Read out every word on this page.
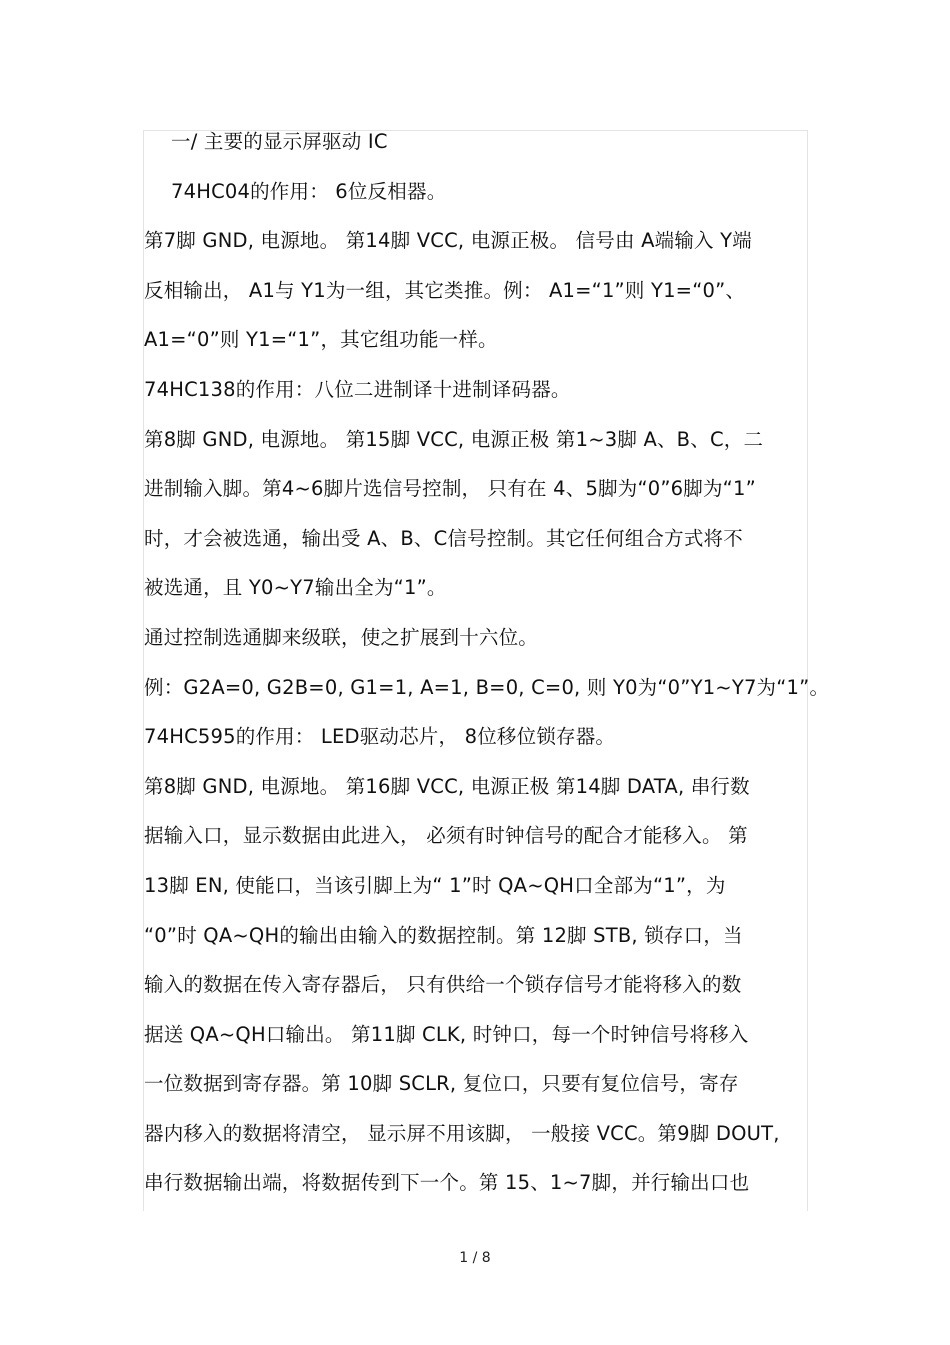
一/ 主要的显示屏驱动 IC
74HC04的作用： 6位反相器。
第7脚 GND, 电源地。 第14脚 VCC, 电源正极。 信号由 A端输入 Y端
反相输出， A1与 Y1为一组，其它类推。例： A1=“1”则 Y1=“0”、
A1=“0”则 Y1=“1”，其它组功能一样。
74HC138的作用：八位二进制译十进制译码器。
第8脚 GND, 电源地。 第15脚 VCC, 电源正极 第1~3脚 A、B、C，二
进制输入脚。第4~6脚片选信号控制， 只有在 4、5脚为“0”6脚为“1”
时，才会被选通，输出受 A、B、C信号控制。其它任何组合方式将不
被选通，且 Y0~Y7输出全为“1”。
通过控制选通脚来级联，使之扩展到十六位。
例：G2A=0, G2B=0, G1=1, A=1, B=0, C=0, 则 Y0为“0”Y1~Y7为“1”。
74HC595的作用： LED驱动芯片， 8位移位锁存器。
第8脚 GND, 电源地。 第16脚 VCC, 电源正极 第14脚 DATA, 串行数
据输入口，显示数据由此进入， 必须有时钟信号的配合才能移入。 第
13脚 EN, 使能口，当该引脚上为“ 1”时 QA~QH口全部为“1”，为
“0”时 QA~QH的输出由输入的数据控制。第 12脚 STB, 锁存口，当
输入的数据在传入寄存器后， 只有供给一个锁存信号才能将移入的数
据送 QA~QH口输出。 第11脚 CLK, 时钟口，每一个时钟信号将移入
一位数据到寄存器。第 10脚 SCLR, 复位口，只要有复位信号，寄存
器内移入的数据将清空， 显示屏不用该脚， 一般接 VCC。第9脚 DOUT,
串行数据输出端，将数据传到下一个。第 15、1~7脚，并行输出口也
1 / 8
